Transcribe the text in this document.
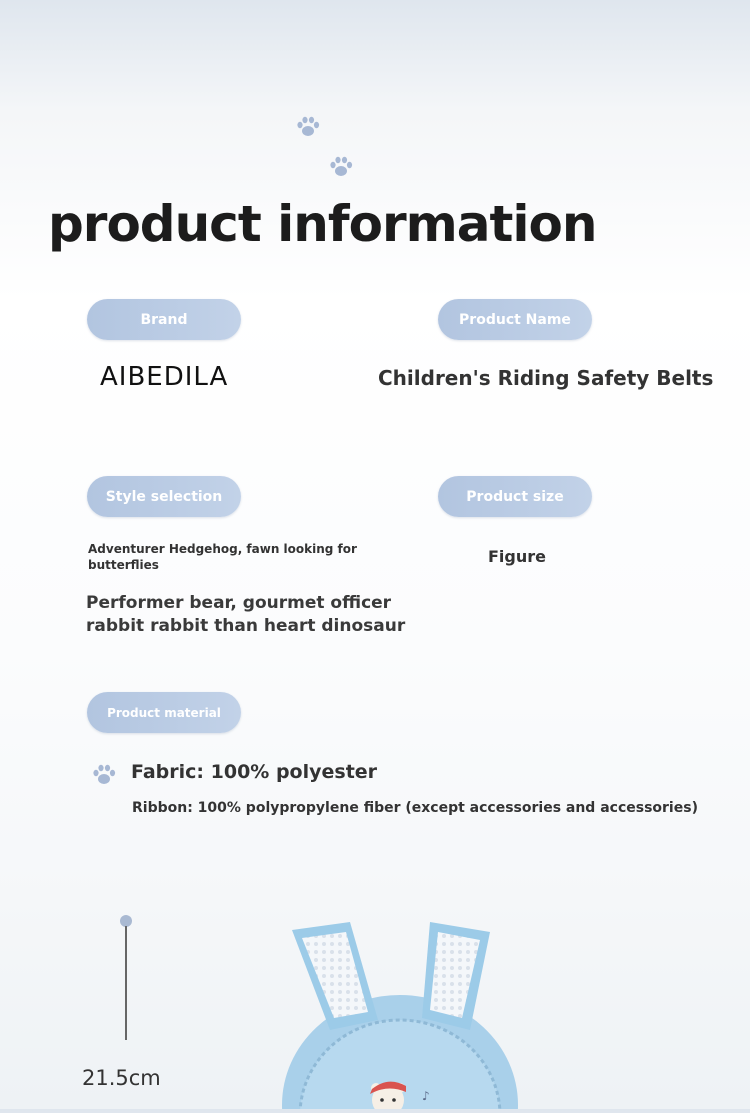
product information
Brand

AIBEDILA

Product Name

Children's Riding Safety Belts

Style selection

Adventurer Hedgehog, fawn looking for butterflies

Performer bear, gourmet officer rabbit rabbit than heart dinosaur

Product size

Figure

Product material

Fabric: 100% polyester

Ribbon: 100% polypropylene fiber (except accessories and accessories)

21.5cm

♪
